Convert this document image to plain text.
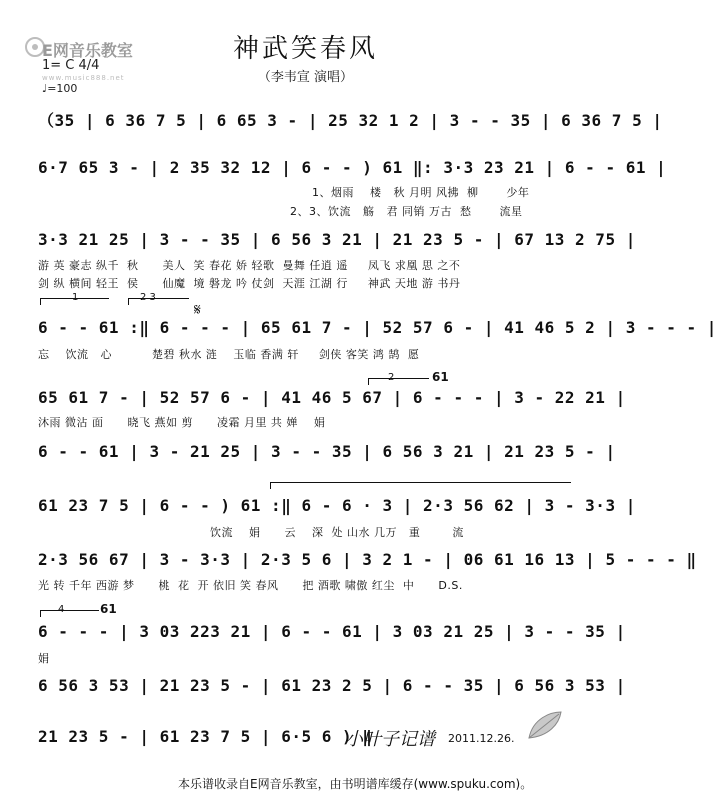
E网音乐教室
1= C 4/4
www.music888.net
♩=100
神武笑春风
（李韦宣 演唱）
（35 | 6 36 7 5 | 6 65 3 - | 25 32 1 2 | 3 - - 35 | 6 36 7 5 |
6·7 65 3 - | 2 35 32 12 | 6 - - ) 61 ‖: 3·3 23 21 | 6 - - 61 |
1、烟雨    楼   秋 月明 风拂  柳       少年
2、3、饮流   觞   君 同销 万古  愁       流星
3·3 21 25 | 3 - - 35 | 6 56 3 21 | 21 23 5 - | 67 13 2 75 |
游 英 豪志 纵千  秋      美人  笑 春花 娇 轻歌  曼舞 任逍 遥     凤飞 求凰 思 之不
剑 纵 横间 轻王  侯      仙魔  境 磐龙 吟 仗剑  天涯 江湖 行     神武 天地 游 书丹
1	2 3
𝄋
6 - - 61 :‖ 6 - - - | 65 61 7 - | 52 57 6 - | 41 46 5 2 | 3 - - - |
忘    饮流   心          楚碧 秋水 涟    玉临 香满 轩     剑侠 客笑 鸿 鹄  愿
2	61
65 61 7 - | 52 57 6 - | 41 46 5 67 | 6 - - - | 3 - 22 21 |
沐雨 微沾 面      晓飞 燕如 剪      凌霜 月里 共 婵    娟
6 - - 61 | 3 - 21 25 | 3 - - 35 | 6 56 3 21 | 21 23 5 - |
61 23 7 5 | 6 - - ) 61 :‖ 6 - 6 · 3 | 2·3 56 62 | 3 - 3·3 |
饮流    娟      云    深  处 山水 几万   重        流
2·3 56 67 | 3 - 3·3 | 2·3 5 6 | 3 2 1 - | 06 61 16 13 | 5 - - - ‖
光 转 千年 西游 梦      桃  花  开 依旧 笑 春风      把 酒歌 啸傲 红尘  中      D.S.
4	61
6 - - - | 3 03 223 21 | 6 - - 61 | 3 03 21 25 | 3 - - 35 |
娟
6 56 3 53 | 21 23 5 - | 61 23 2 5 | 6 - - 35 | 6 56 3 53 |
21 23 5 - | 61 23 7 5 | 6·5 6 ) ‖
小叶子记谱 2011.12.26.
本乐谱收录自E网音乐教室，由书明谱库缓存(www.spuku.com)。
